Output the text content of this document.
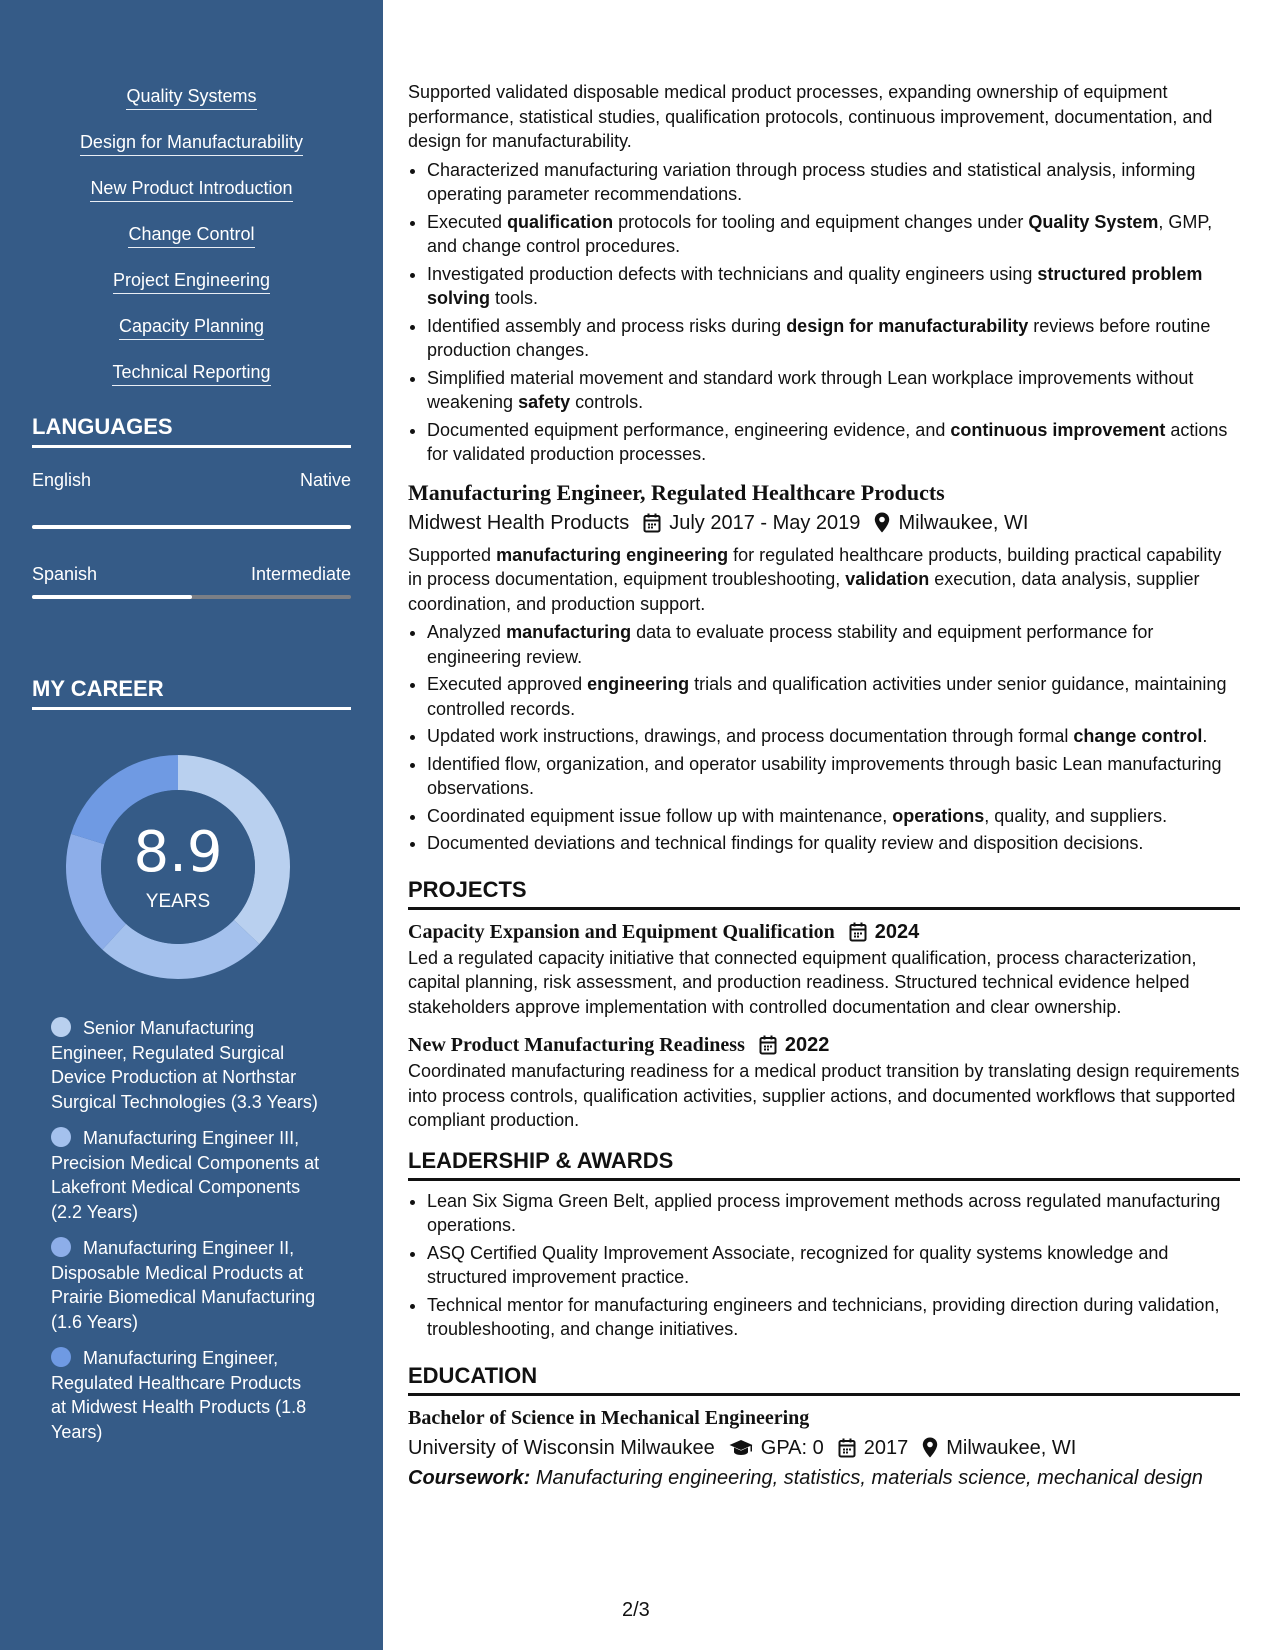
Quality Systems
Design for Manufacturability
New Product Introduction
Change Control
Project Engineering
Capacity Planning
Technical Reporting
LANGUAGES
English	Native
Spanish	Intermediate
MY CAREER
8.9
YEARS
Senior Manufacturing Engineer, Regulated Surgical Device Production at Northstar Surgical Technologies (3.3 Years)
Manufacturing Engineer III, Precision Medical Components at Lakefront Medical Components (2.2 Years)
Manufacturing Engineer II, Disposable Medical Products at Prairie Biomedical Manufacturing (1.6 Years)
Manufacturing Engineer, Regulated Healthcare Products at Midwest Health Products (1.8 Years)

Supported validated disposable medical product processes, expanding ownership of equipment performance, statistical studies, qualification protocols, continuous improvement, documentation, and design for manufacturability.

• Characterized manufacturing variation through process studies and statistical analysis, informing operating parameter recommendations.
• Executed qualification protocols for tooling and equipment changes under Quality System, GMP, and change control procedures.
• Investigated production defects with technicians and quality engineers using structured problem solving tools.
• Identified assembly and process risks during design for manufacturability reviews before routine production changes.
• Simplified material movement and standard work through Lean workplace improvements without weakening safety controls.
• Documented equipment performance, engineering evidence, and continuous improvement actions for validated production processes.
Manufacturing Engineer, Regulated Healthcare Products
Midwest Health Products July 2017 - May 2019 Milwaukee, WI

Supported manufacturing engineering for regulated healthcare products, building practical capability in process documentation, equipment troubleshooting, validation execution, data analysis, supplier coordination, and production support.

• Analyzed manufacturing data to evaluate process stability and equipment performance for engineering review.
• Executed approved engineering trials and qualification activities under senior guidance, maintaining controlled records.
• Updated work instructions, drawings, and process documentation through formal change control.
• Identified flow, organization, and operator usability improvements through basic Lean manufacturing observations.
• Coordinated equipment issue follow up with maintenance, operations, quality, and suppliers.
• Documented deviations and technical findings for quality review and disposition decisions.
PROJECTS
Capacity Expansion and Equipment Qualification 2024

Led a regulated capacity initiative that connected equipment qualification, process characterization, capital planning, risk assessment, and production readiness. Structured technical evidence helped stakeholders approve implementation with controlled documentation and clear ownership.

New Product Manufacturing Readiness 2022

Coordinated manufacturing readiness for a medical product transition by translating design requirements into process controls, qualification activities, supplier actions, and documented workflows that supported compliant production.

LEADERSHIP & AWARDS
• Lean Six Sigma Green Belt, applied process improvement methods across regulated manufacturing operations.
• ASQ Certified Quality Improvement Associate, recognized for quality systems knowledge and structured improvement practice.
• Technical mentor for manufacturing engineers and technicians, providing direction during validation, troubleshooting, and change initiatives.
EDUCATION
Bachelor of Science in Mechanical Engineering
University of Wisconsin Milwaukee GPA: 0 2017 Milwaukee, WI
Coursework: Manufacturing engineering, statistics, materials science, mechanical design
2/3
